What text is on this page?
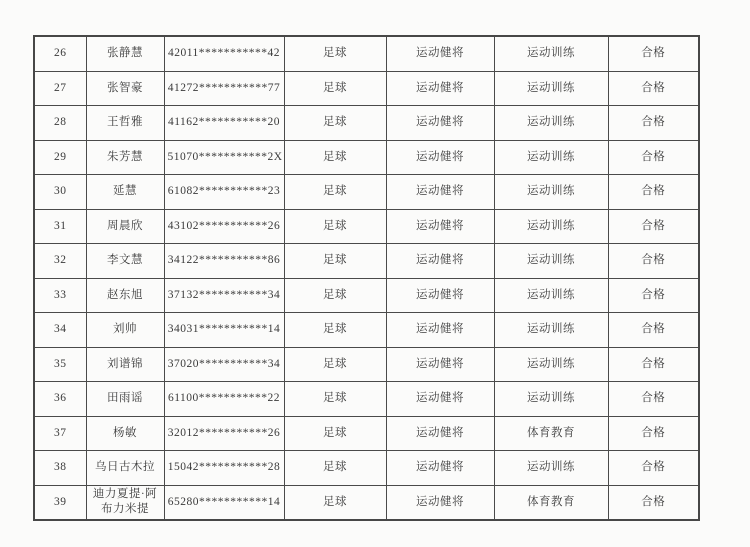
26	张静慧	42011***********42	足球	运动健将	运动训练	合格
27	张智豪	41272***********77	足球	运动健将	运动训练	合格
28	王哲雅	41162***********20	足球	运动健将	运动训练	合格
29	朱芳慧	51070***********2X	足球	运动健将	运动训练	合格
30	延慧	61082***********23	足球	运动健将	运动训练	合格
31	周晨欣	43102***********26	足球	运动健将	运动训练	合格
32	李文慧	34122***********86	足球	运动健将	运动训练	合格
33	赵东旭	37132***********34	足球	运动健将	运动训练	合格
34	刘帅	34031***********14	足球	运动健将	运动训练	合格
35	刘谱锦	37020***********34	足球	运动健将	运动训练	合格
36	田雨谣	61100***********22	足球	运动健将	运动训练	合格
37	杨敏	32012***********26	足球	运动健将	体育教育	合格
38	乌日古木拉	15042***********28	足球	运动健将	运动训练	合格
39	迪力夏提·阿布力米提	65280***********14	足球	运动健将	体育教育	合格
